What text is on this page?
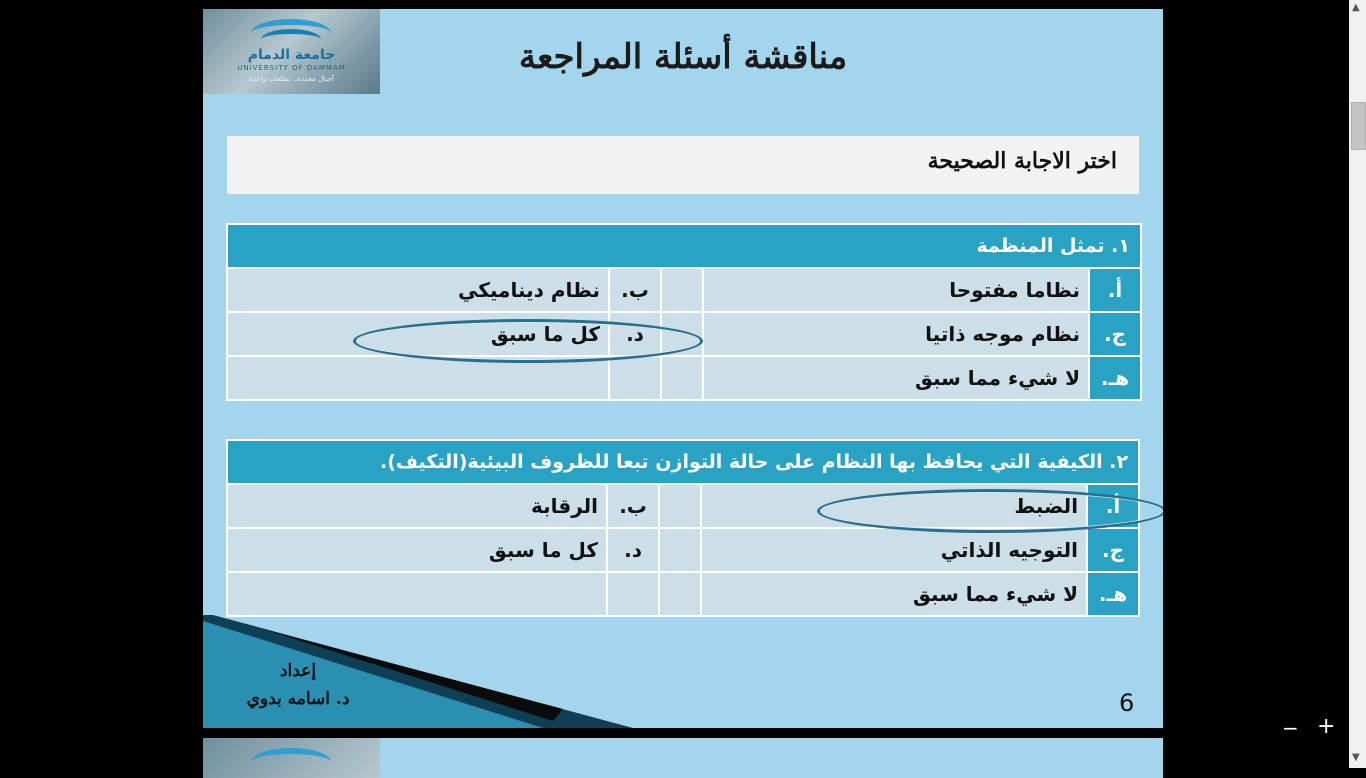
جامعة الدمام
UNIVERSITY OF DAMMAM
أجيال مجددة.. تطلعات واعدة
مناقشة أسئلة المراجعة
اختر الاجابة الصحيحة
١. تمثل المنظمة				
أ.	نظاما مفتوحا		ب.	نظام ديناميكي
ج.	نظام موجه ذاتيا		د.	كل ما سبق
هـ.	لا شيء مما سبق			
٢. الكيفية التي يحافظ بها النظام على حالة التوازن تبعا للظروف البيئية(التكيف).				
أ.	الضبط		ب.	الرقابة
ج.	التوجيه الذاتي		د.	كل ما سبق
هـ.	لا شيء مما سبق			
إعداد
د. اسامه بدوي	6
▲
▼
− +
